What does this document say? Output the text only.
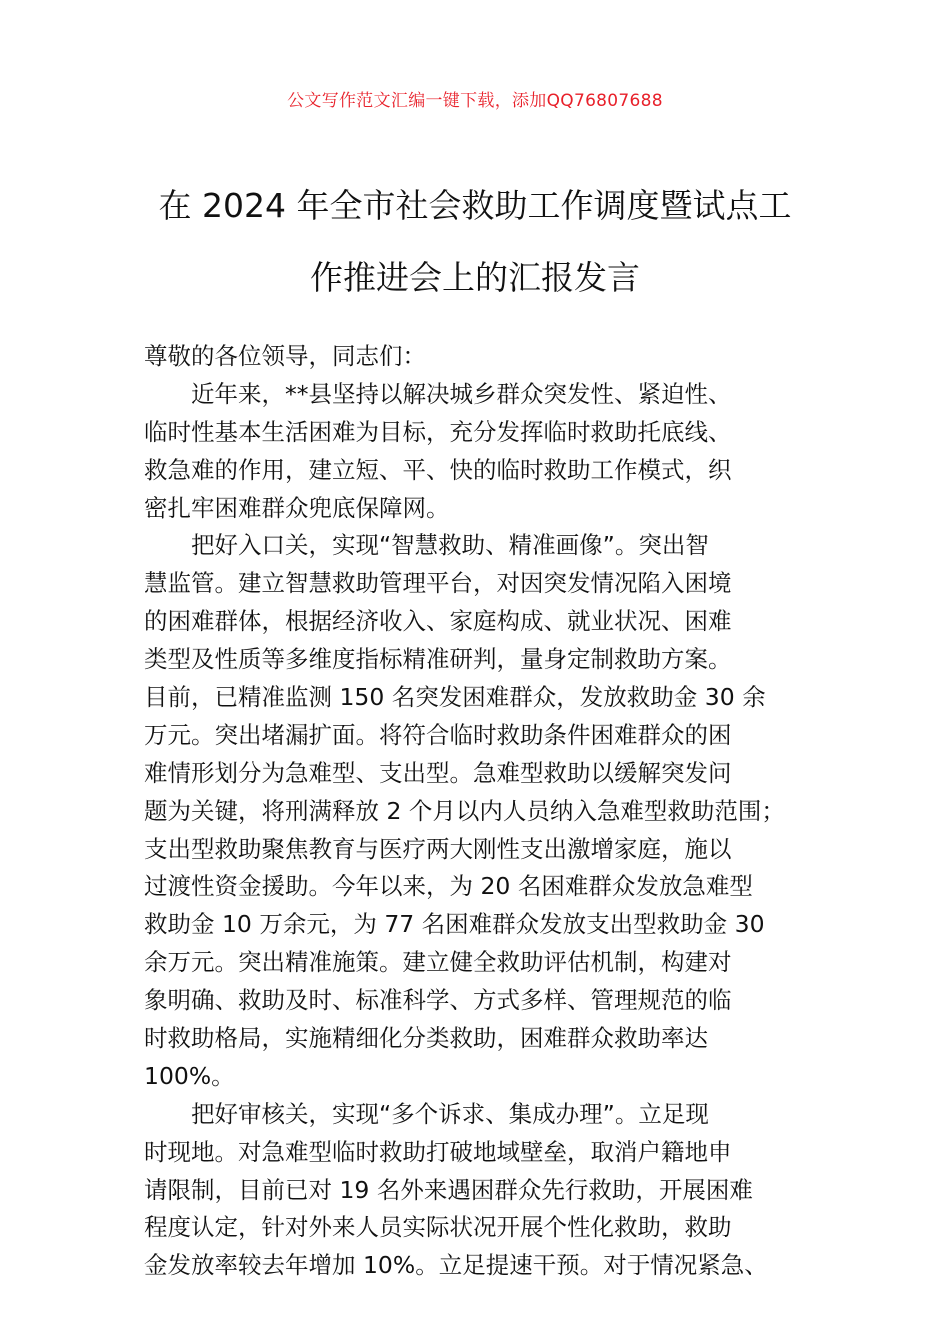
公文写作范文汇编一键下载，添加QQ76807688
在 2024 年全市社会救助工作调度暨试点工
作推进会上的汇报发言
尊敬的各位领导，同志们：
近年来，**县坚持以解决城乡群众突发性、紧迫性、
临时性基本生活困难为目标，充分发挥临时救助托底线、
救急难的作用，建立短、平、快的临时救助工作模式，织
密扎牢困难群众兜底保障网。
把好入口关，实现“智慧救助、精准画像”。突出智
慧监管。建立智慧救助管理平台，对因突发情况陷入困境
的困难群体，根据经济收入、家庭构成、就业状况、困难
类型及性质等多维度指标精准研判，量身定制救助方案。
目前，已精准监测 150 名突发困难群众，发放救助金 30 余
万元。突出堵漏扩面。将符合临时救助条件困难群众的困
难情形划分为急难型、支出型。急难型救助以缓解突发问
题为关键，将刑满释放 2 个月以内人员纳入急难型救助范围；
支出型救助聚焦教育与医疗两大刚性支出激增家庭，施以
过渡性资金援助。今年以来，为 20 名困难群众发放急难型
救助金 10 万余元，为 77 名困难群众发放支出型救助金 30
余万元。突出精准施策。建立健全救助评估机制，构建对
象明确、救助及时、标准科学、方式多样、管理规范的临
时救助格局，实施精细化分类救助，困难群众救助率达
100%。
把好审核关，实现“多个诉求、集成办理”。立足现
时现地。对急难型临时救助打破地域壁垒，取消户籍地申
请限制，目前已对 19 名外来遇困群众先行救助，开展困难
程度认定，针对外来人员实际状况开展个性化救助，救助
金发放率较去年增加 10%。立足提速干预。对于情况紧急、
